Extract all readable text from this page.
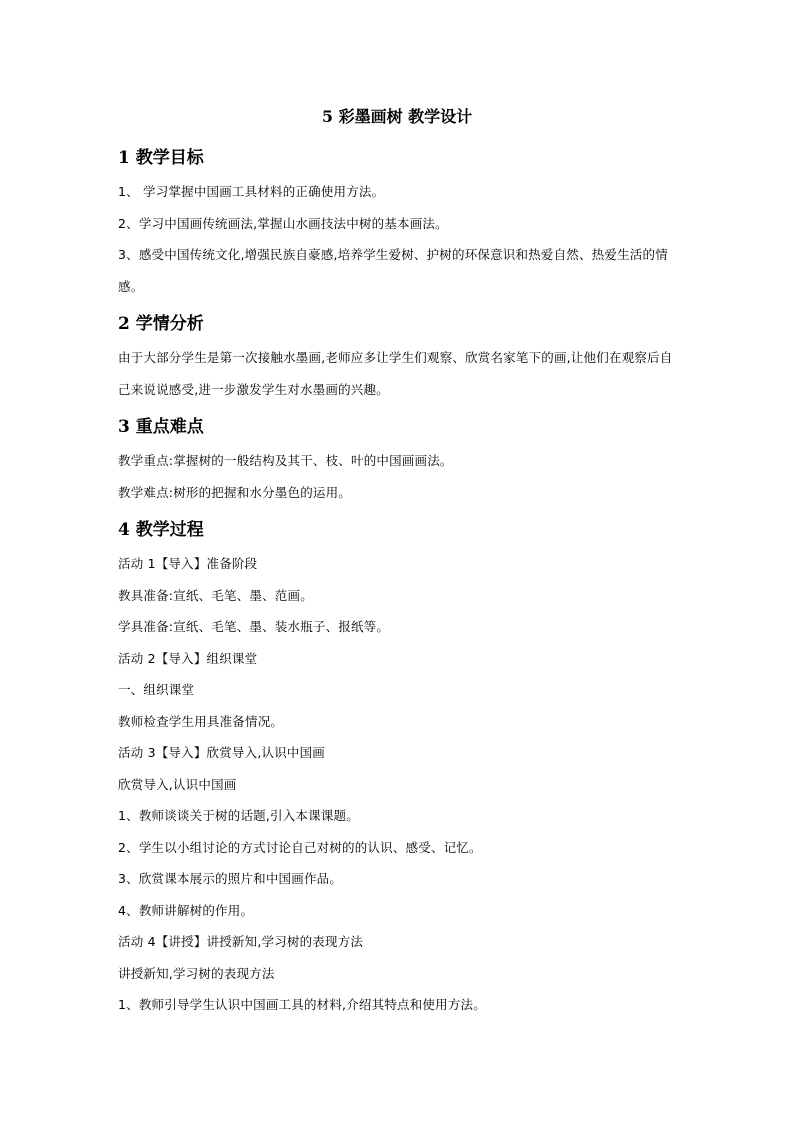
5 彩墨画树 教学设计
1 教学目标
1、 学习掌握中国画工具材料的正确使用方法。
2、学习中国画传统画法,掌握山水画技法中树的基本画法。
3、感受中国传统文化,增强民族自豪感,培养学生爱树、护树的环保意识和热爱自然、热爱生活的情感。
2 学情分析
由于大部分学生是第一次接触水墨画,老师应多让学生们观察、欣赏名家笔下的画,让他们在观察后自己来说说感受,进一步激发学生对水墨画的兴趣。
3 重点难点
教学重点:掌握树的一般结构及其干、枝、叶的中国画画法。
教学难点:树形的把握和水分墨色的运用。
4 教学过程
活动 1【导入】准备阶段
教具准备:宣纸、毛笔、墨、范画。
学具准备:宣纸、毛笔、墨、装水瓶子、报纸等。
活动 2【导入】组织课堂
一、组织课堂
教师检查学生用具准备情况。
活动 3【导入】欣赏导入,认识中国画
欣赏导入,认识中国画
1、教师谈谈关于树的话题,引入本课课题。
2、学生以小组讨论的方式讨论自己对树的的认识、感受、记忆。
3、欣赏课本展示的照片和中国画作品。
4、教师讲解树的作用。
活动 4【讲授】讲授新知,学习树的表现方法
讲授新知,学习树的表现方法
1、教师引导学生认识中国画工具的材料,介绍其特点和使用方法。
